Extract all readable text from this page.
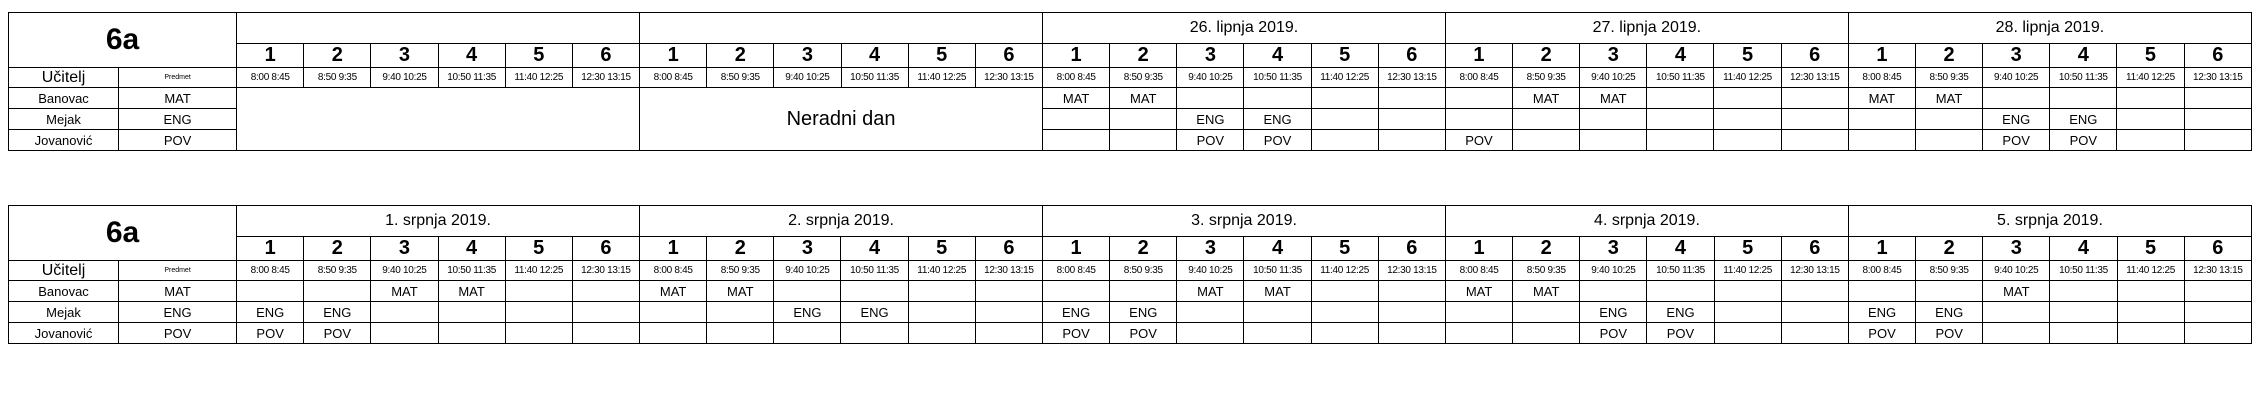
6a														26. lipnja 2019.						27. lipnja 2019.						28. lipnja 2019.					
		1	2	3	4	5	6	1	2	3	4	5	6	1	2	3	4	5	6	1	2	3	4	5	6	1	2	3	4	5	6
Učitelj	Predmet	8:00 8:45	8:50 9:35	9:40 10:25	10:50 11:35	11:40 12:25	12:30 13:15	8:00 8:45	8:50 9:35	9:40 10:25	10:50 11:35	11:40 12:25	12:30 13:15	8:00 8:45	8:50 9:35	9:40 10:25	10:50 11:35	11:40 12:25	12:30 13:15	8:00 8:45	8:50 9:35	9:40 10:25	10:50 11:35	11:40 12:25	12:30 13:15	8:00 8:45	8:50 9:35	9:40 10:25	10:50 11:35	11:40 12:25	12:30 13:15
Banovac	MAT							Neradni dan						MAT	MAT						MAT	MAT				MAT	MAT				
Mejak	ENG															ENG	ENG											ENG	ENG		
Jovanović	POV															POV	POV			POV								POV	POV		
6a		1. srpnja 2019.						2. srpnja 2019.						3. srpnja 2019.						4. srpnja 2019.						5. srpnja 2019.					
		1	2	3	4	5	6	1	2	3	4	5	6	1	2	3	4	5	6	1	2	3	4	5	6	1	2	3	4	5	6
Učitelj	Predmet	8:00 8:45	8:50 9:35	9:40 10:25	10:50 11:35	11:40 12:25	12:30 13:15	8:00 8:45	8:50 9:35	9:40 10:25	10:50 11:35	11:40 12:25	12:30 13:15	8:00 8:45	8:50 9:35	9:40 10:25	10:50 11:35	11:40 12:25	12:30 13:15	8:00 8:45	8:50 9:35	9:40 10:25	10:50 11:35	11:40 12:25	12:30 13:15	8:00 8:45	8:50 9:35	9:40 10:25	10:50 11:35	11:40 12:25	12:30 13:15
Banovac	MAT			MAT	MAT			MAT	MAT							MAT	MAT			MAT	MAT							MAT			
Mejak	ENG	ENG	ENG							ENG	ENG			ENG	ENG							ENG	ENG			ENG	ENG				
Jovanović	POV	POV	POV											POV	POV							POV	POV			POV	POV				
